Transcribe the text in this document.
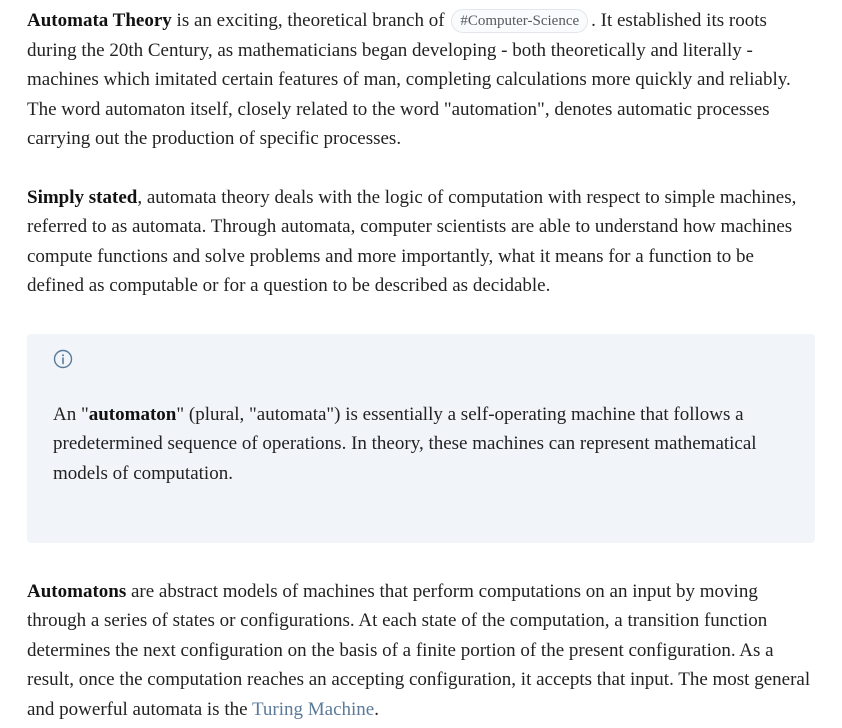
Automata Theory is an exciting, theoretical branch of #Computer-Science . It established its roots during the 20th Century, as mathematicians began developing - both theoretically and literally - machines which imitated certain features of man, completing calculations more quickly and reliably. The word automaton itself, closely related to the word "automation", denotes automatic processes carrying out the production of specific processes.

Simply stated, automata theory deals with the logic of computation with respect to simple machines, referred to as automata. Through automata, computer scientists are able to understand how machines compute functions and solve problems and more importantly, what it means for a function to be defined as computable or for a question to be described as decidable.

An "automaton" (plural, "automata") is essentially a self-operating machine that follows a predetermined sequence of operations. In theory, these machines can represent mathematical models of computation.

Automatons are abstract models of machines that perform computations on an input by moving through a series of states or configurations. At each state of the computation, a transition function determines the next configuration on the basis of a finite portion of the present configuration. As a result, once the computation reaches an accepting configuration, it accepts that input. The most general and powerful automata is the Turing Machine.
